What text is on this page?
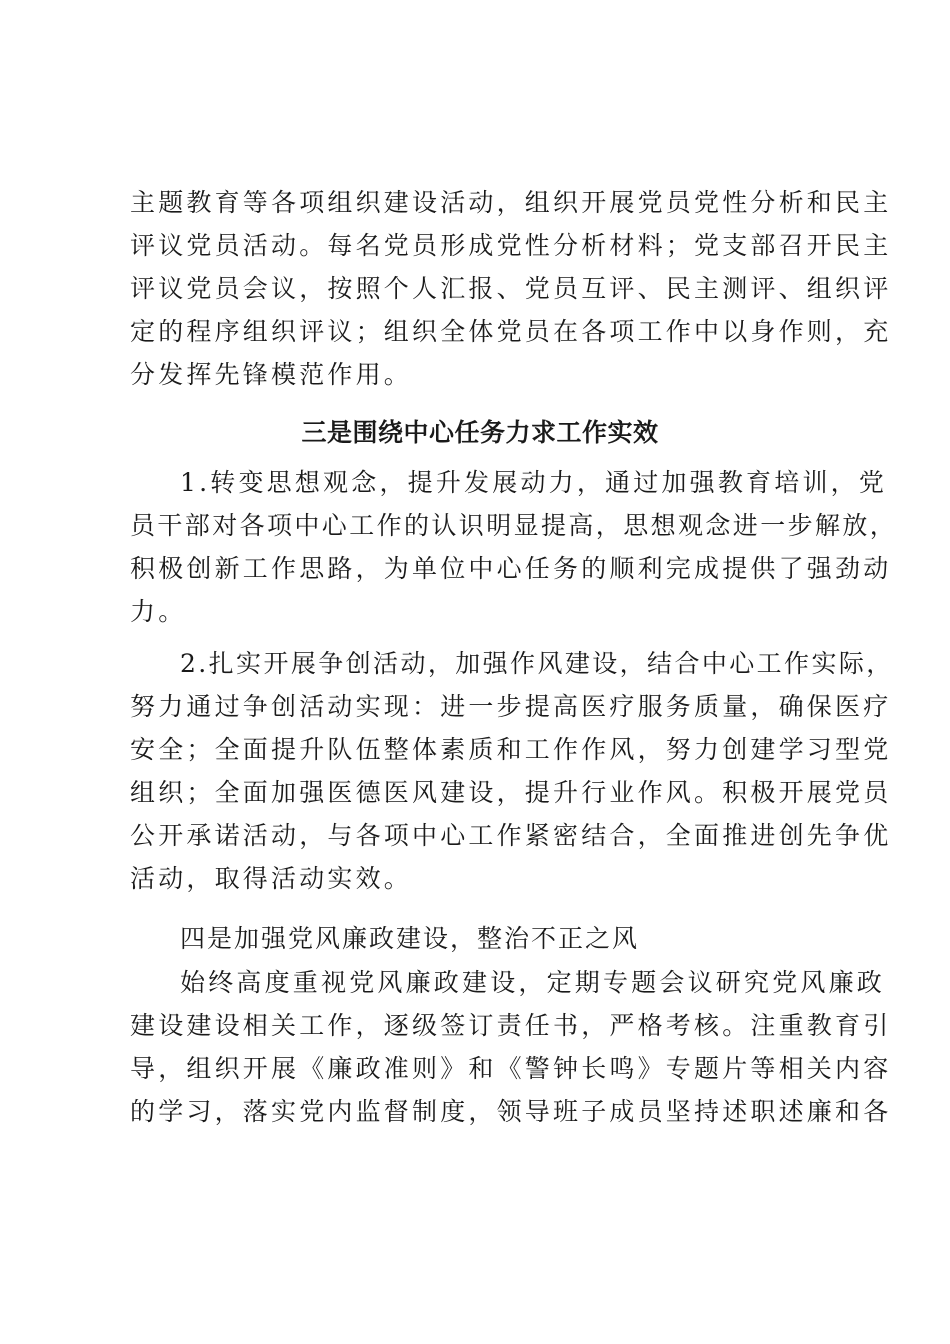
主题教育等各项组织建设活动，组织开展党员党性分析和民主
评议党员活动。每名党员形成党性分析材料；党支部召开民主
评议党员会议，按照个人汇报、党员互评、民主测评、组织评
定的程序组织评议；组织全体党员在各项工作中以身作则，充
分发挥先锋模范作用。
三是围绕中心任务力求工作实效
1.转变思想观念，提升发展动力，通过加强教育培训，党
员干部对各项中心工作的认识明显提高，思想观念进一步解放，
积极创新工作思路，为单位中心任务的顺利完成提供了强劲动
力。
2.扎实开展争创活动，加强作风建设，结合中心工作实际，
努力通过争创活动实现：进一步提高医疗服务质量，确保医疗
安全；全面提升队伍整体素质和工作作风，努力创建学习型党
组织；全面加强医德医风建设，提升行业作风。积极开展党员
公开承诺活动，与各项中心工作紧密结合，全面推进创先争优
活动，取得活动实效。
四是加强党风廉政建设，整治不正之风
始终高度重视党风廉政建设，定期专题会议研究党风廉政
建设建设相关工作，逐级签订责任书，严格考核。注重教育引
导，组织开展《廉政准则》和《警钟长鸣》专题片等相关内容
的学习，落实党内监督制度，领导班子成员坚持述职述廉和各
